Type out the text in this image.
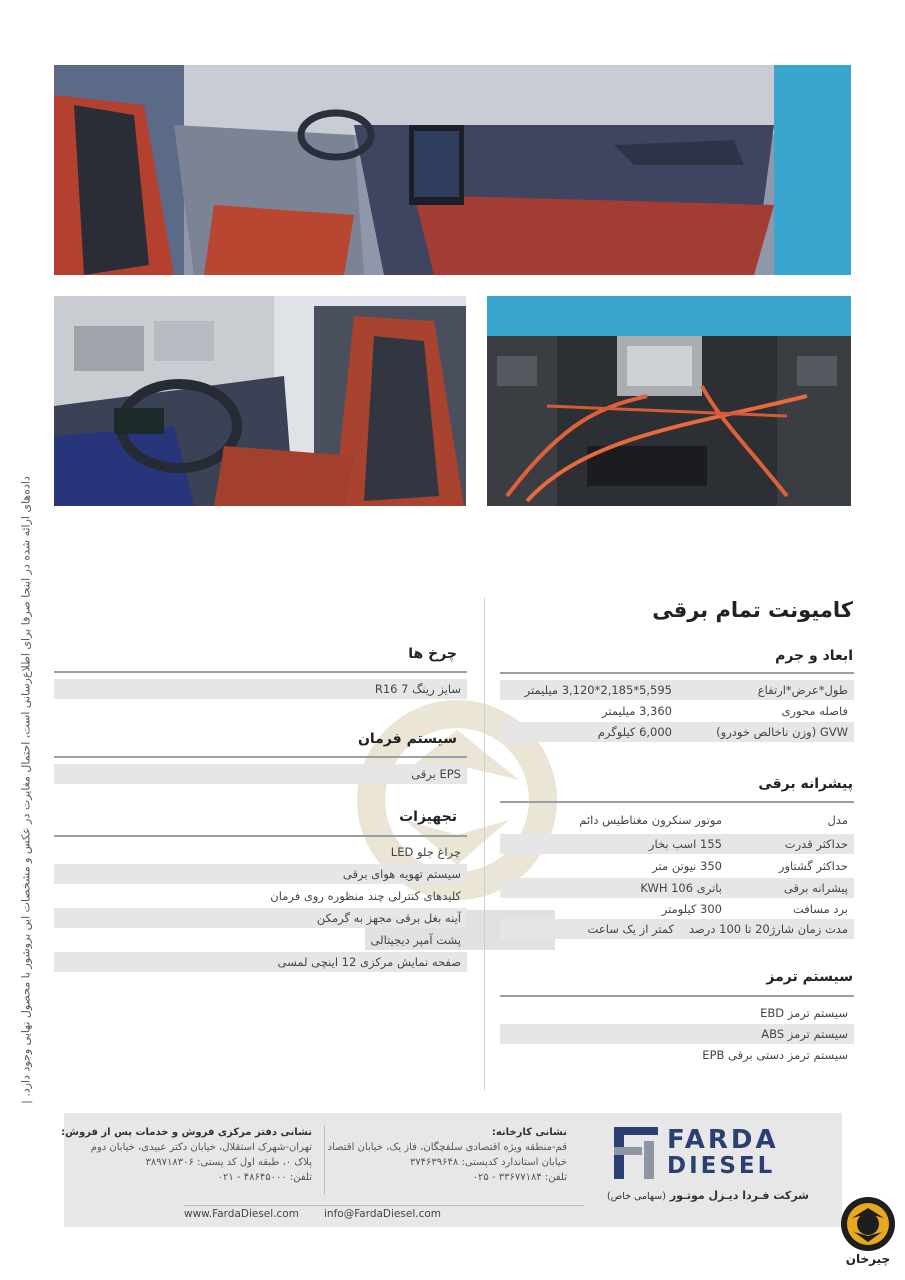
داده‌های ارائه شده در اینجا صرفا برای اطلاع‌رسانی است، احتمال مغایرت در عکس و مشخصات این بروشور با محصول نهایی وجود دارد. |	کامیونت تمام برقی
ابعاد و جرم
طول*عرض*ارتفاع
5,595*2,185*3,120 میلیمتر
فاصله محوری
3,360 میلیمتر
GVW (وزن ناخالص خودرو)
6,000 کیلوگرم
پیشرانه برقی
مدل
موتور سنکرون مغناطیس دائم
حداکثر قدرت
155 اسب بخار
حداکثر گشتاور
350 نیوتن متر
پیشرانه برقی
باتری KWH 106
برد مسافت
300 کیلومتر
مدت زمان شارژ20 تا 100 درصد
کمتر از یک ساعت
سیستم ترمز
سیستم ترمز EBD
سیستم ترمز ABS
سیستم ترمز دستی برقی EPB
چرخ ها
سایز رینگ 7 R16
سیستم فرمان
EPS برقی
تجهیزات
چراغ جلو LED
سیستم تهویه هوای برقی
کلیدهای کنترلی چند منظوره روی فرمان
آینه بغل برقی مجهز به گرمکن
پشت آمپر دیجیتالی
صفحه نمایش مرکزی 12 اینچی لمسی
نشانی دفتر مرکزی فروش و خدمات پس از فروش:
تهران-شهرک استقلال، خیابان دکتر عبیدی، خیابان دوم
پلاک ۰، طبقه اول کد پستی: ۳۸۹۷۱۸۳۰۶
تلفن: ۴۸۶۴۵۰۰۰ - ۰۲۱
نشانی کارخانه:
قم-منطقه ویژه اقتصادی سلفچگان، فاز یک، خیابان اقتصاد
خیابان استاندارد کدپستی: ۳۷۴۶۳۹۶۴۸
تلفن: ۳۳۶۷۷۱۸۴ - ۰۲۵
www.FardaDiesel.com info@FardaDiesel.com
FARDA
DIESEL
شرکت فـردا دیـزل موتـور (سهامی خاص)
چیرخان
